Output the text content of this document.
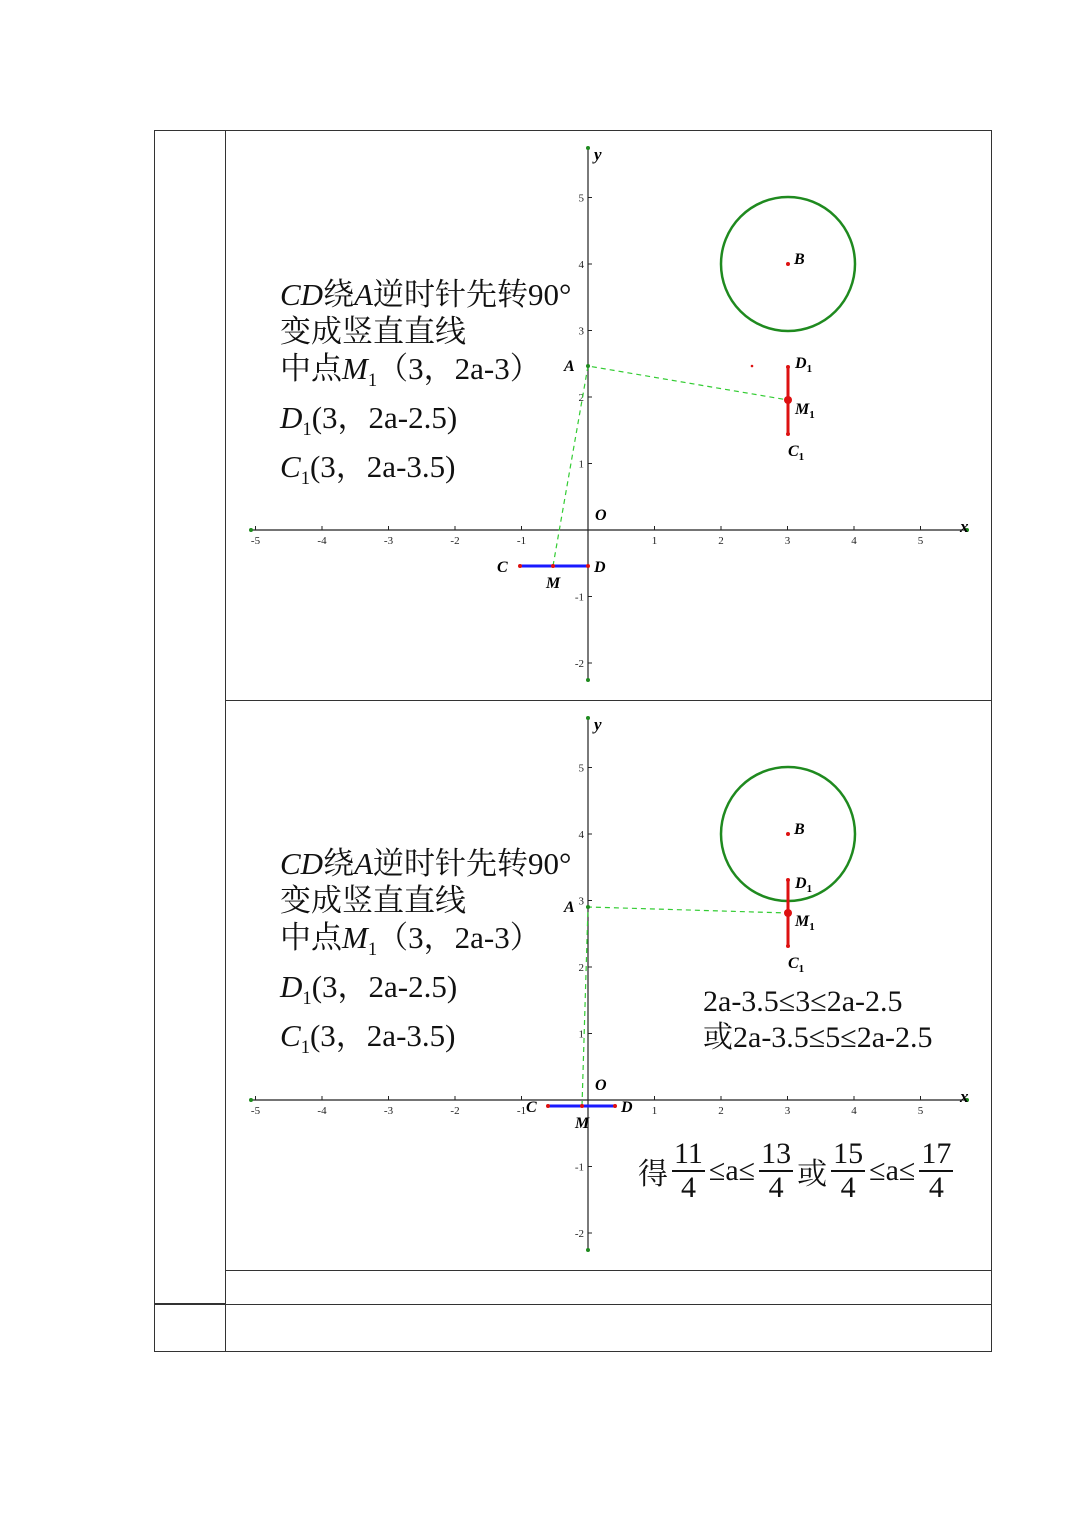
x
y
-5	-4	-3	-2	-1	1	2	3	4	5
5
4
3
2
1
-1
-2
B
A	$D_1$
$M_1$
$C_1$
O
C
M
D
CD绕A逆时针先转90°
变成竖直直线
中点$M_1(3$，2a-3）
$D_1(3$，2a-2.5)
$C_1(3$，2a-3.5)
x
y
-5	-4	-3	-2	-1	1	2	3	4	5
5
4
3
2
1
-1
-2
B
A
$D_1$
$M_1$
$C_1$
O
C
M
D
CD绕A逆时针先转90°
变成竖直直线
中点$M_1(3$，2a-3）
$D_1(3$，2a-2.5)
$C_1(3$，2a-3.5)
2a-3.5≤3≤2a-2.5
或2a-3.5≤5≤2a-2.5
得 $\frac{11}{4} \le a\le \frac{13}{4}$ 或 $\frac{15}{4} \le a\le \frac{17}{4}$
